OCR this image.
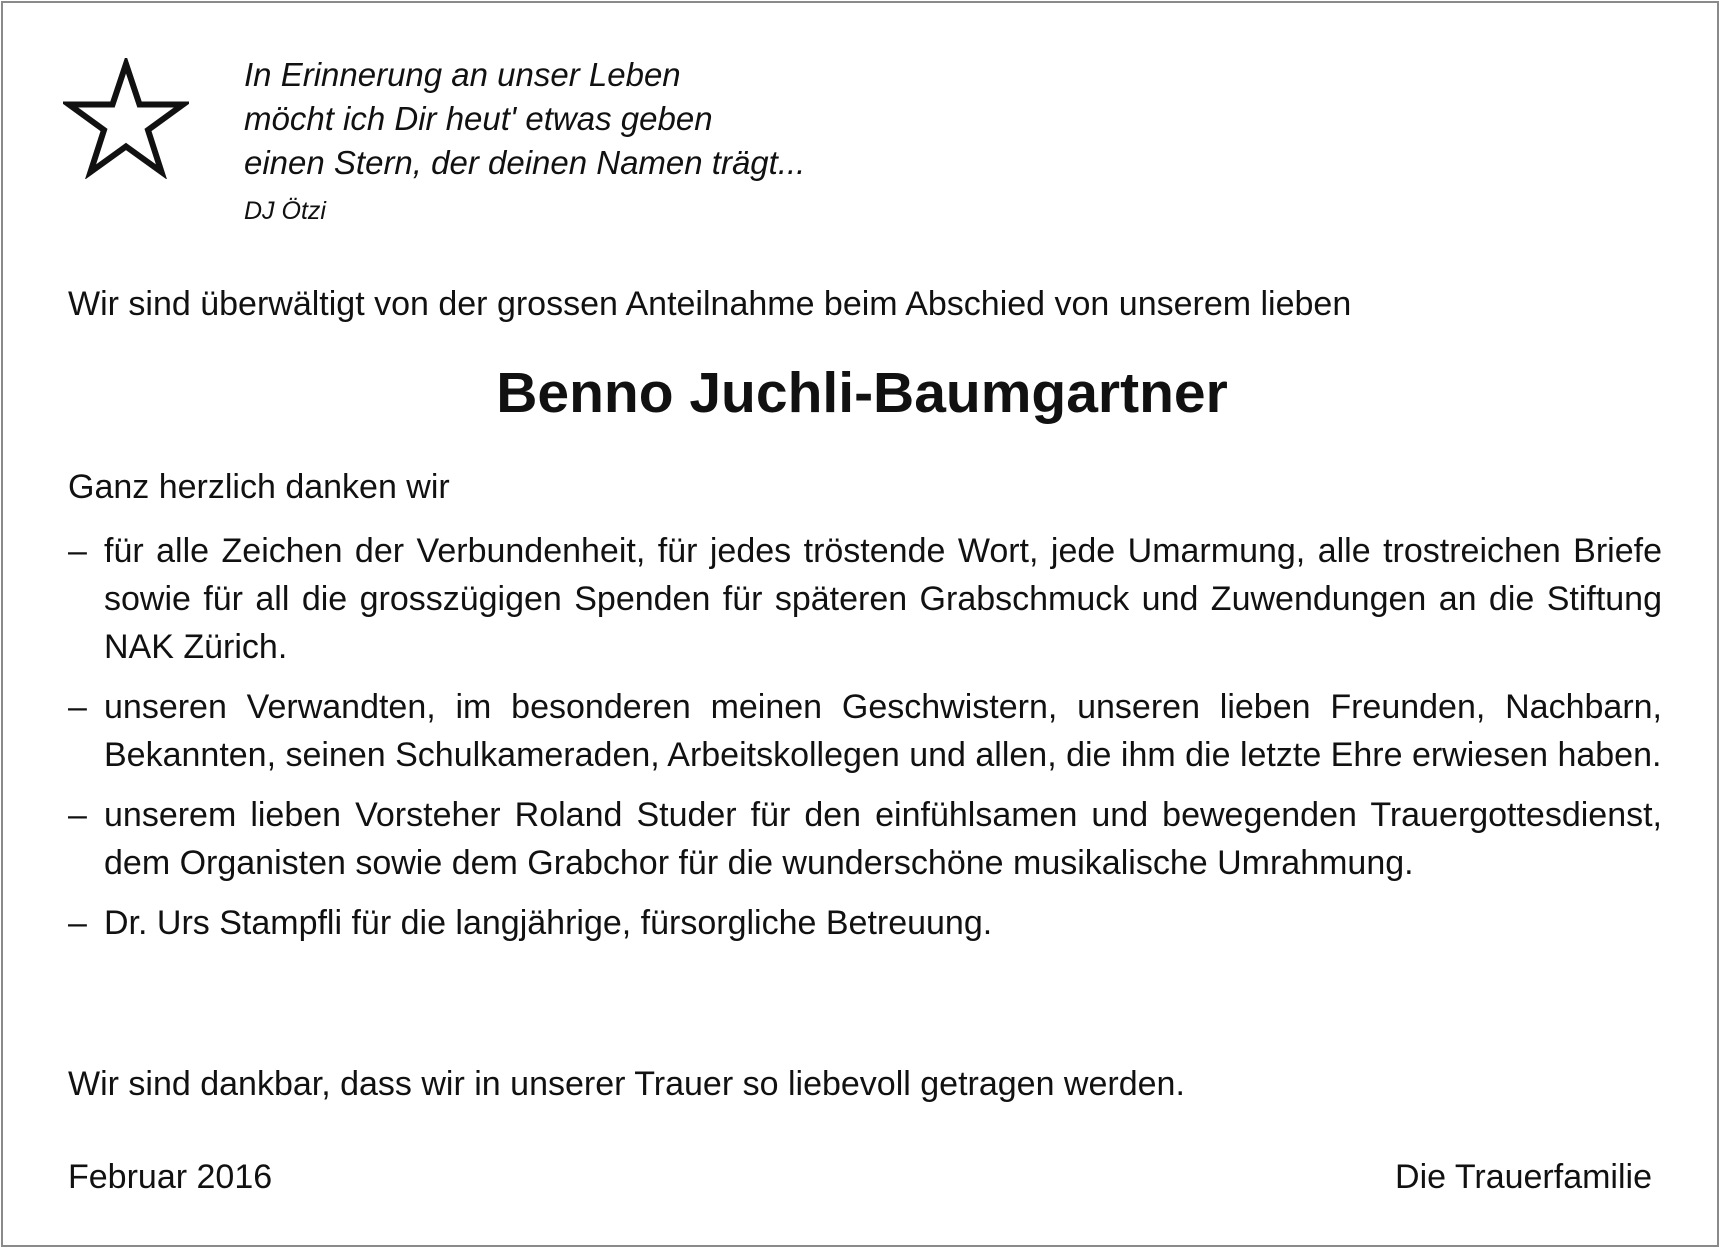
In Erinnerung an unser Leben
möcht ich Dir heut' etwas geben
einen Stern, der deinen Namen trägt...
DJ Ötzi
Wir sind überwältigt von der grossen Anteilnahme beim Abschied von unserem lieben
Benno Juchli-Baumgartner
Ganz herzlich danken wir
– für alle Zeichen der Verbundenheit, für jedes tröstende Wort, jede Umarmung, alle trostreichen Briefe sowie für all die grosszügigen Spenden für späteren Grabschmuck und Zuwendungen an die Stiftung NAK Zürich.
– unseren Verwandten, im besonderen meinen Geschwistern, unseren lieben Freunden, Nachbarn, Bekannten, seinen Schulkameraden, Arbeitskollegen und allen, die ihm die letzte Ehre erwiesen haben.
– unserem lieben Vorsteher Roland Studer für den einfühlsamen und bewegenden Trauergottesdienst, dem Organisten sowie dem Grabchor für die wunderschöne musikalische Umrahmung.
– Dr. Urs Stampfli für die langjährige, fürsorgliche Betreuung.
Wir sind dankbar, dass wir in unserer Trauer so liebevoll getragen werden.
Februar 2016	Die Trauerfamilie
